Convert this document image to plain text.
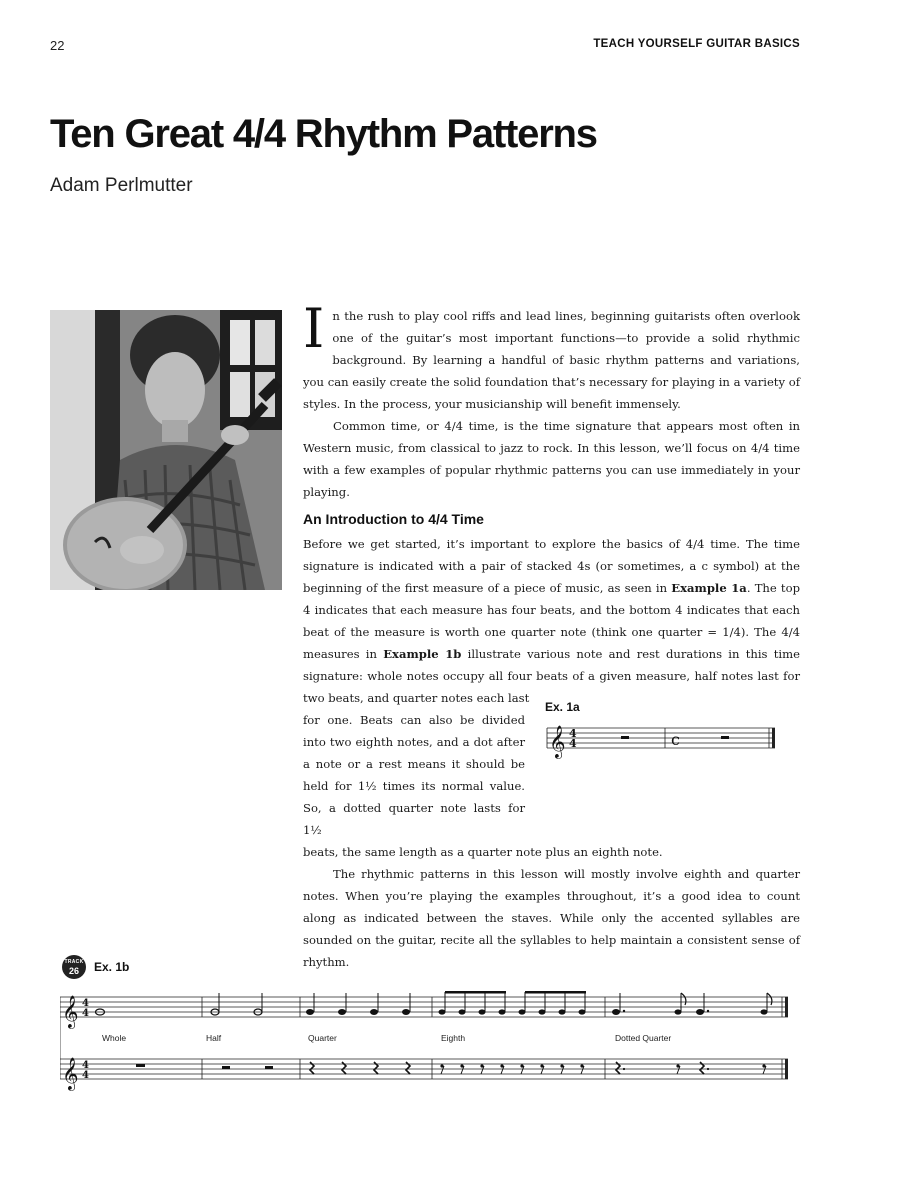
22	TEACH YOURSELF GUITAR BASICS
Ten Great 4/4 Rhythm Patterns
Adam Perlmutter

In the rush to play cool riffs and lead lines, beginning guitarists often overlook one of the guitar’s most important functions—to provide a solid rhythmic background. By learning a handful of basic rhythm patterns and variations, you can easily create the solid foundation that’s necessary for playing in a variety of styles. In the process, your musicianship will benefit immensely.

Common time, or 4/4 time, is the time signature that appears most often in Western music, from classical to jazz to rock. In this lesson, we’ll focus on 4/4 time with a few examples of popular rhythmic patterns you can use immediately in your playing.

An Introduction to 4/4 Time

Before we get started, it’s important to explore the basics of 4/4 time. The time signature is indicated with a pair of stacked 4s (or sometimes, a c symbol) at the beginning of the first measure of a piece of music, as seen in Example 1a. The top 4 indicates that each measure has four beats, and the bottom 4 indicates that each beat of the measure is worth one quarter note (think one quarter = 1/4). The 4/4 measures in Example 1b illustrate various note and rest durations in this time signature: whole notes occupy all four beats of a given measure, half notes last for two beats, and quarter notes each last

for one. Beats can also be divided into two eighth notes, and a dot after a note or a rest means it should be held for 1½ times its normal value. So, a dotted quarter note lasts for 1½

beats, the same length as a quarter note plus an eighth note.

The rhythmic patterns in this lesson will mostly involve eighth and quarter notes. When you’re playing the examples throughout, it’s a good idea to count along as indicated between the staves. While only the accented syllables are sounded on the guitar, recite all the syllables to help maintain a consistent sense of rhythm.

Ex. 1a
𝄞 4
4	c
TRACK
26 Ex. 1b
𝄞 4
4
𝄞 4
4
Whole	Half	Quarter	Eighth	Dotted Quarter
